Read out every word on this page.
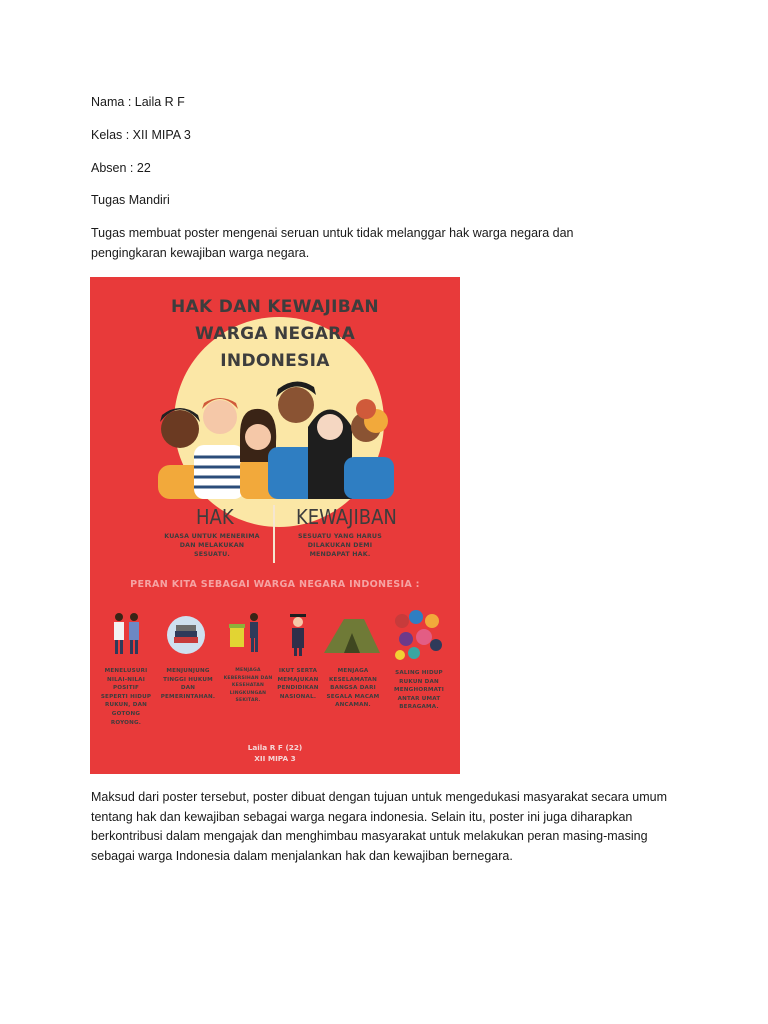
Nama : Laila R F
Kelas : XII MIPA 3
Absen : 22
Tugas Mandiri
Tugas membuat poster mengenai seruan untuk tidak melanggar hak warga negara dan
pengingkaran kewajiban warga negara.
HAK DAN KEWAJIBAN
WARGA NEGARA
INDONESIA
HAK	KEWAJIBAN
KUASA UNTUK MENERIMA
DAN MELAKUKAN
SESUATU.
SESUATU YANG HARUS
DILAKUKAN DEMI
MENDAPAT HAK.
PERAN KITA SEBAGAI WARGA NEGARA INDONESIA :
MENELUSURI
NILAI-NILAI
POSITIF
SEPERTI HIDUP
RUKUN, DAN
GOTONG
ROYONG.
MENJUNJUNG
TINGGI HUKUM
DAN
PEMERINTAHAN.
MENJAGA
KEBERSIHAN DAN
KESEHATAN
LINGKUNGAN
SEKITAR.
IKUT SERTA
MEMAJUKAN
PENDIDIKAN
NASIONAL.
MENJAGA
KESELAMATAN
BANGSA DARI
SEGALA MACAM
ANCAMAN.
SALING HIDUP
RUKUN DAN
MENGHORMATI
ANTAR UMAT
BERAGAMA.
Laila R F (22)
XII MIPA 3
Maksud dari poster tersebut, poster dibuat dengan tujuan untuk mengedukasi masyarakat secara umum
tentang hak dan kewajiban sebagai warga negara indonesia. Selain itu, poster ini juga diharapkan
berkontribusi dalam mengajak dan menghimbau masyarakat untuk melakukan peran masing-masing
sebagai warga Indonesia dalam menjalankan hak dan kewajiban bernegara.
